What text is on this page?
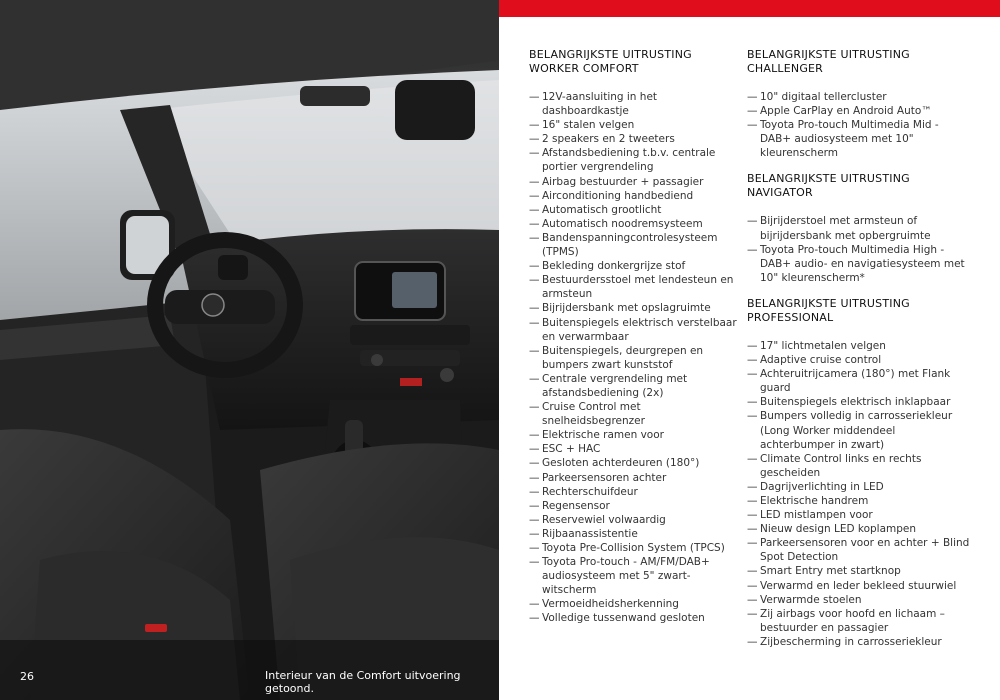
26	Interieur van de Comfort uitvoering getoond.
BELANGRIJKSTE UITRUSTING
WORKER COMFORT
— 12V-aansluiting in het dashboardkastje
— 16" stalen velgen
— 2 speakers en 2 tweeters
— Afstandsbediening t.b.v. centrale portier vergrendeling
— Airbag bestuurder + passagier
— Airconditioning handbediend
— Automatisch grootlicht
— Automatisch noodremsysteem
— Bandenspanningcontrolesysteem (TPMS)
— Bekleding donkergrijze stof
— Bestuurdersstoel met lendesteun en armsteun
— Bijrijdersbank met opslagruimte
— Buitenspiegels elektrisch verstelbaar en verwarmbaar
— Buitenspiegels, deurgrepen en bumpers zwart kunststof
— Centrale vergrendeling met afstandsbediening (2x)
— Cruise Control met snelheidsbegrenzer
— Elektrische ramen voor
— ESC + HAC
— Gesloten achterdeuren (180°)
— Parkeersensoren achter
— Rechterschuifdeur
— Regensensor
— Reservewiel volwaardig
— Rijbaanassistentie
— Toyota Pre-Collision System (TPCS)
— Toyota Pro-touch - AM/FM/DAB+ audiosysteem met 5" zwart-witscherm
— Vermoeidheidsherkenning
— Volledige tussenwand gesloten
BELANGRIJKSTE UITRUSTING
CHALLENGER
— 10" digitaal tellercluster
— Apple CarPlay en Android Auto™
— Toyota Pro-touch Multimedia Mid - DAB+ audiosysteem met 10" kleurenscherm
BELANGRIJKSTE UITRUSTING
NAVIGATOR
— Bijrijderstoel met armsteun of bijrijdersbank met opbergruimte
— Toyota Pro-touch Multimedia High - DAB+ audio- en navigatiesysteem met 10" kleurenscherm*
BELANGRIJKSTE UITRUSTING
PROFESSIONAL
— 17" lichtmetalen velgen
— Adaptive cruise control
— Achteruitrijcamera (180°) met Flank guard
— Buitenspiegels elektrisch inklapbaar
— Bumpers volledig in carrosseriekleur (Long Worker middendeel achterbumper in zwart)
— Climate Control links en rechts gescheiden
— Dagrijverlichting in LED
— Elektrische handrem
— LED mistlampen voor
— Nieuw design LED koplampen
— Parkeersensoren voor en achter + Blind Spot Detection
— Smart Entry met startknop
— Verwarmd en leder bekleed stuurwiel
— Verwarmde stoelen
— Zij airbags voor hoofd en lichaam – bestuurder en passagier
— Zijbescherming in carrosseriekleur
